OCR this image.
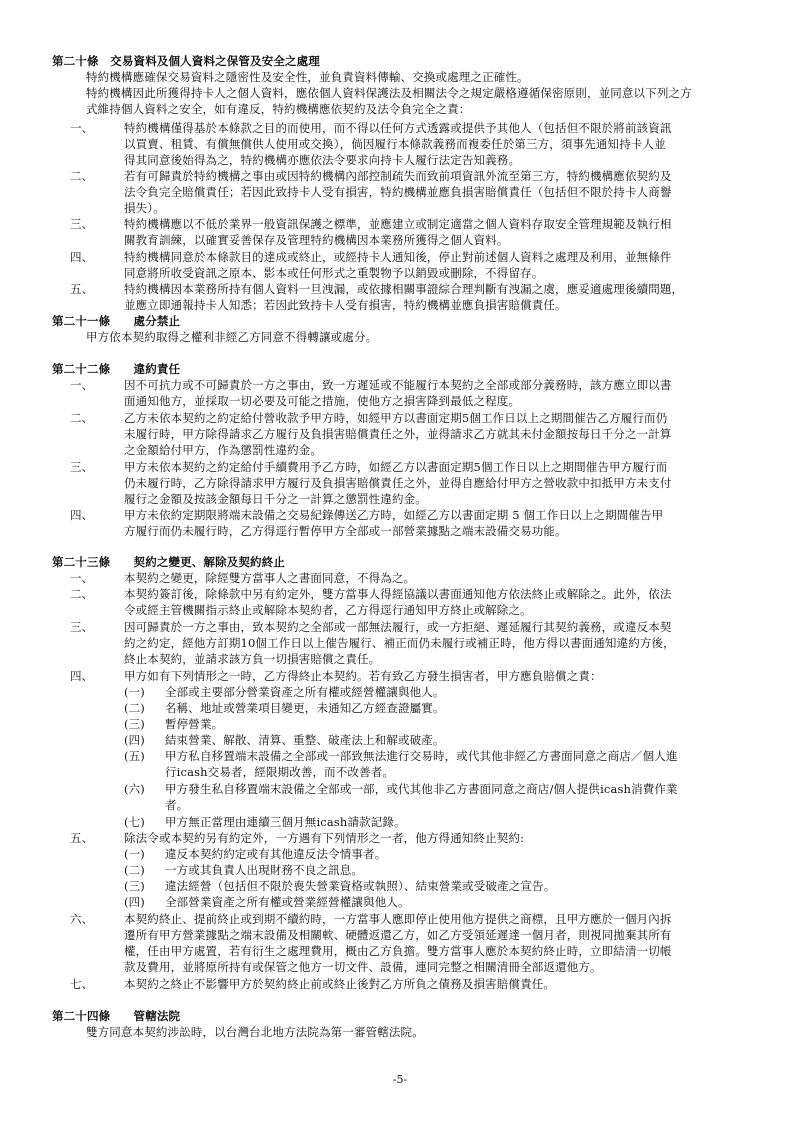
第二十條　交易資料及個人資料之保管及安全之處理
特約機構應確保交易資料之隱密性及安全性，並負責資料傳輸、交換或處理之正確性。
特約機構因此所獲得持卡人之個人資料，應依個人資料保護法及相關法令之規定嚴格遵循保密原則，並同意以下列之方
式維持個人資料之安全，如有違反，特約機構應依契約及法令負完全之責：
一、	特約機構僅得基於本條款之目的而使用，而不得以任何方式透露或提供予其他人（包括但不限於將前該資訊
以買賣、租賃、有償無償供人使用或交換），倘因履行本條款義務而複委任於第三方，須事先通知持卡人並
得其同意後始得為之，特約機構亦應依法令要求向持卡人履行法定告知義務。
二、	若有可歸責於特約機構之事由或因特約機構內部控制疏失而致前項資訊外流至第三方，特約機構應依契約及
法令負完全賠償責任；若因此致持卡人受有損害，特約機構並應負損害賠償責任（包括但不限於持卡人商譽
損失）。
三、	特約機構應以不低於業界一般資訊保護之標準，並應建立或制定適當之個人資料存取安全管理規範及執行相
關教育訓練，以確實妥善保存及管理特約機構因本業務所獲得之個人資料。
四、	特約機構同意於本條款目的達成或終止，或經持卡人通知後，停止對前述個人資料之處理及利用，並無條件
同意將所收受資訊之原本、影本或任何形式之重製物予以銷毀或刪除，不得留存。
五、	特約機構因本業務所持有個人資料一旦洩漏，或依據相關事證綜合理判斷有洩漏之虞，應妥適處理後續問題，
並應立即通報持卡人知悉；若因此致持卡人受有損害，特約機構並應負損害賠償責任。
第二十一條　　處分禁止
甲方依本契約取得之權利非經乙方同意不得轉讓或處分。
第二十二條　　違約責任
一、	因不可抗力或不可歸責於一方之事由，致一方遲延或不能履行本契約之全部或部分義務時，該方應立即以書
面通知他方，並採取一切必要及可能之措施，使他方之損害降到最低之程度。
二、	乙方未依本契約之約定給付營收款予甲方時，如經甲方以書面定期5個工作日以上之期間催告乙方履行而仍
未履行時，甲方除得請求乙方履行及負損害賠償責任之外，並得請求乙方就其未付金額按每日千分之一計算
之金額給付甲方，作為懲罰性違約金。
三、	甲方未依本契約之約定給付手續費用予乙方時，如經乙方以書面定期5個工作日以上之期間催告甲方履行而
仍未履行時，乙方除得請求甲方履行及負損害賠償責任之外，並得自應給付甲方之營收款中扣抵甲方未支付
履行之金額及按該金額每日千分之一計算之懲罰性違約金。
四、	甲方未依約定期限將端末設備之交易紀錄傳送乙方時，如經乙方以書面定期 5 個工作日以上之期間催告甲
方履行而仍未履行時，乙方得逕行暫停甲方全部或一部營業據點之端末設備交易功能。
第二十三條　　契約之變更、解除及契約終止
一、	本契約之變更，除經雙方當事人之書面同意，不得為之。
二、	本契約簽訂後，除條款中另有約定外，雙方當事人得經協議以書面通知他方依法終止或解除之。此外，依法
令或經主管機關指示終止或解除本契約者，乙方得逕行通知甲方終止或解除之。
三、	因可歸責於一方之事由，致本契約之全部或一部無法履行，或一方拒絕、遲延履行其契約義務，或違反本契
約之約定，經他方訂期10個工作日以上催告履行、補正而仍未履行或補正時，他方得以書面通知違約方後，
終止本契約，並請求該方負一切損害賠償之責任。
四、	甲方如有下列情形之一時，乙方得終止本契約。若有致乙方發生損害者，甲方應負賠償之責：
(一) 全部或主要部分營業資產之所有權或經營權讓與他人。
(二) 名稱、地址或營業項目變更，未通知乙方經查證屬實。
(三) 暫停營業。
(四) 結束營業、解散、清算、重整、破產法上和解或破產。
(五) 甲方私自移置端末設備之全部或一部致無法進行交易時，或代其他非經乙方書面同意之商店／個人進
行icash交易者，經限期改善，而不改善者。
(六) 甲方發生私自移置端末設備之全部或一部，或代其他非乙方書面同意之商店/個人提供icash消費作業
者。
(七) 甲方無正當理由連續三個月無icash請款記錄。
五、	除法令或本契約另有約定外，一方遇有下列情形之一者，他方得通知終止契約:
(一) 違反本契約約定或有其他違反法令情事者。
(二) 一方或其負責人出現財務不良之訊息。
(三) 違法經營（包括但不限於喪失營業資格或執照）、結束營業或受破產之宣告。
(四) 全部營業資產之所有權或營業經營權讓與他人。
六、	本契約終止、提前終止或到期不續約時，一方當事人應即停止使用他方提供之商標，且甲方應於一個月內拆
遷所有甲方營業據點之端末設備及相關軟、硬體返還乙方，如乙方受領延遲達一個月者，則視同拋棄其所有
權，任由甲方處置，若有衍生之處理費用，概由乙方負擔。雙方當事人應於本契約終止時，立即結清一切帳
款及費用，並將原所持有或保管之他方一切文件、設備，連同完整之相關清冊全部返還他方。
七、	本契約之終止不影響甲方於契約終止前或終止後對乙方所負之債務及損害賠償責任。
第二十四條　　管轄法院
雙方同意本契約涉訟時，以台灣台北地方法院為第一審管轄法院。
-5-
